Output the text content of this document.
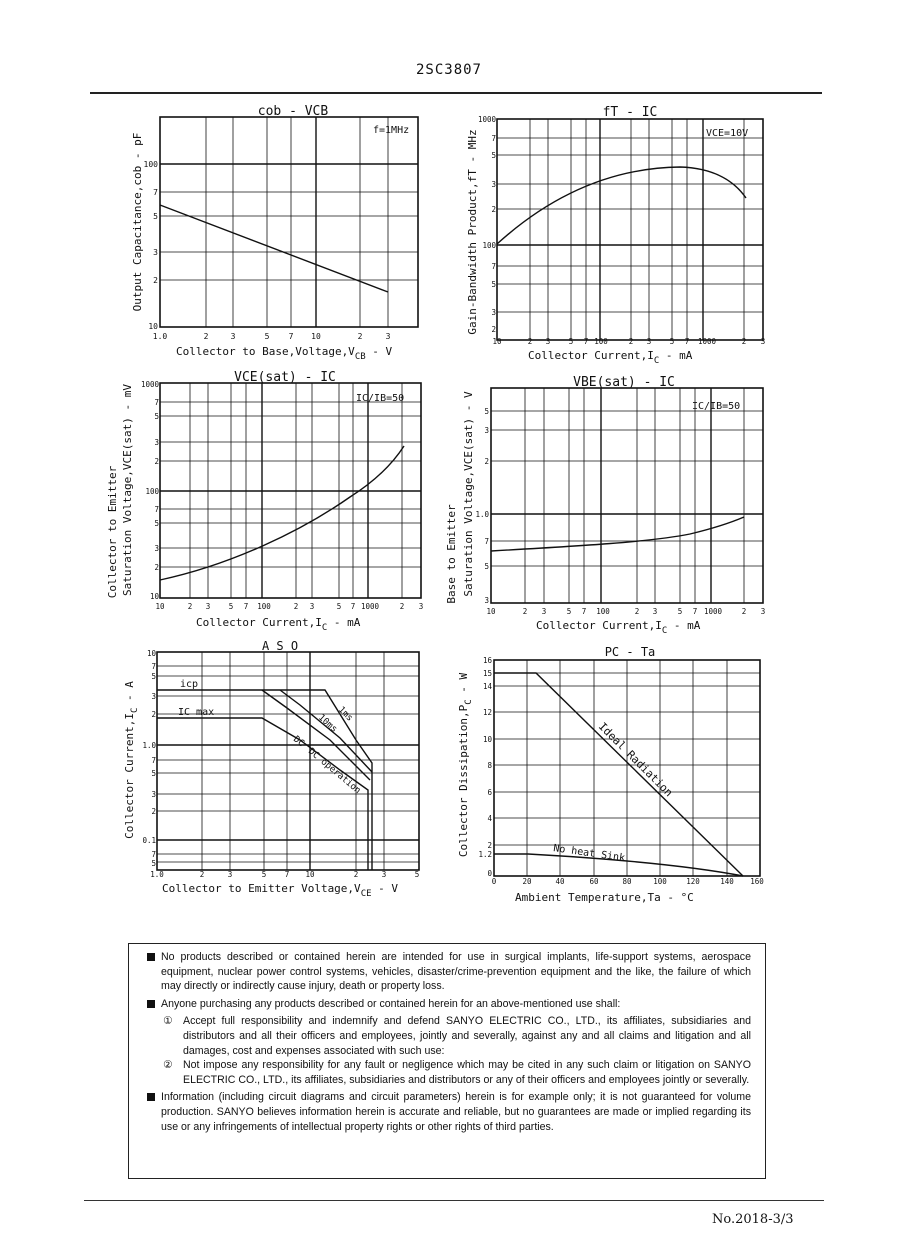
2SC3807
cob - VCB
f=1MHz
1.0	2	3	5 7 10	2	3
100
7
5
3
2
10
Collector to $Base,Voltage,V_{CB}$ - V
Output Capacitance,cob - pF
fT - IC
VCE=10V
10	2 3 5 7 100	2 3 5 7 1000	2 3
1000
7
5
3
2
100
7
5
3
2
Collector $Current,I_C$ - mA
Gain-Bandwidth Product,fT - MHz
VCE(sat) - IC
IC/IB=50
10	2 3 5 7 100	2 3	5 7 1000	2 3
1000
7
5
3
2
100
7
5
3
2
10
Collector $Current,I_C$ - mA
Collector to Emitter Saturation Voltage,VCE(sat) - mV
VBE(sat) - IC
IC/IB=50
10	2 3	5 7 100	2 3	5 7 1000	2 3
5
3
2
1.0
7
5
3
Collector $Current,I_C$ - mA
Base to Emitter Saturation Voltage,VCE(sat) - V
A S O
icp
IC max
DC
DC operation
1ms
10ms
1.0	2	3	5 7 10	2	3	5
10
7
5
3
2
1.0
7
5
3
2
0.1
7
5
Collector to Emitter $Voltage,V_{CE}$ - V
Collector $Current,I_C$ - A
PC - Ta
Ideal Radiation
No heat Sink
0	20	40	60	80	100	120	140 160
16
15
14
12
10
8
6
4
2
1.2
0
Ambient Temperature,Ta - °C
Collector $Dissipation,P_C$ - W
No products described or contained herein are intended for use in surgical implants, life-support systems, aerospace equipment, nuclear power control systems, vehicles, disaster/crime-prevention equipment and the like, the failure of which may directly or indirectly cause injury, death or property loss.
Anyone purchasing any products described or contained herein for an above-mentioned use shall:
① Accept full responsibility and indemnify and defend SANYO ELECTRIC CO., LTD., its affiliates, subsidiaries and distributors and all their officers and employees, jointly and severally, against any and all claims and litigation and all damages, cost and expenses associated with such use:
② Not impose any responsibility for any fault or negligence which may be cited in any such claim or litigation on SANYO ELECTRIC CO., LTD., its affiliates, subsidiaries and distributors or any of their officers and employees jointly or severally.
Information (including circuit diagrams and circuit parameters) herein is for example only; it is not guaranteed for volume production. SANYO believes information herein is accurate and reliable, but no guarantees are made or implied regarding its use or any infringements of intellectual property rights or other rights of third parties.
No.2018-3/3
